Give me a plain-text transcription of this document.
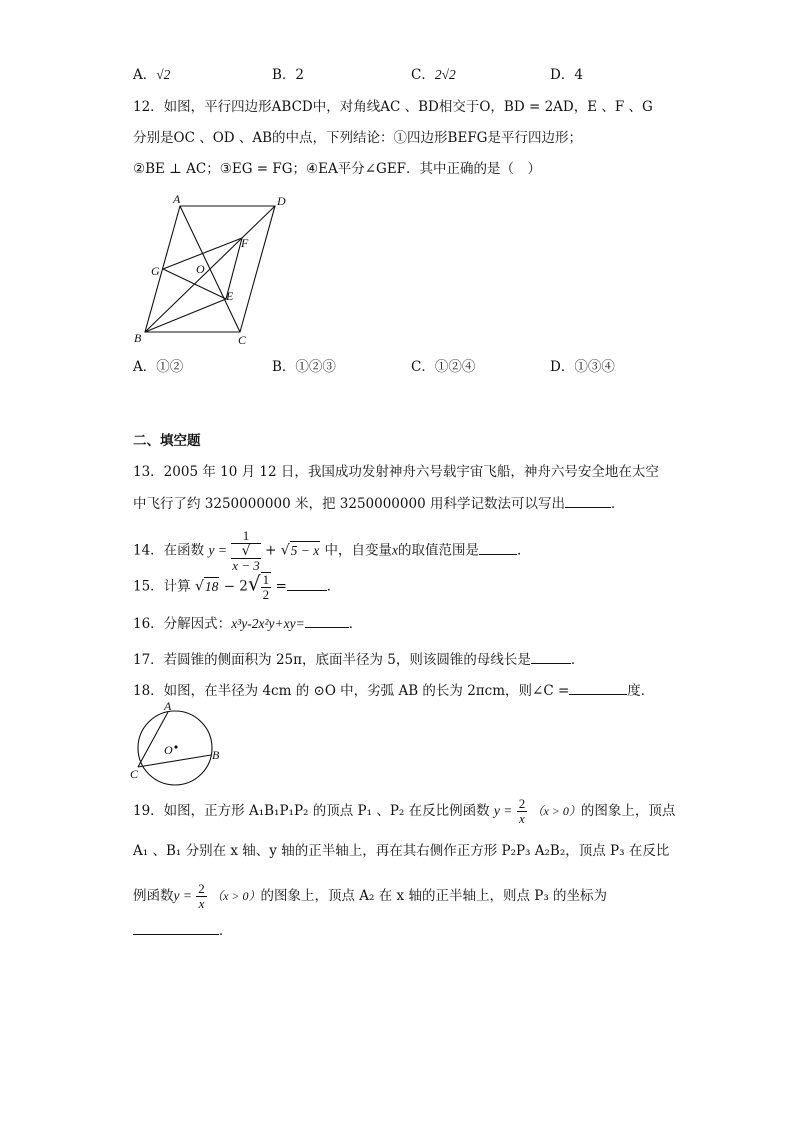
A．√2	B．2	C．2√2	D．4
12．如图，平行四边形ABCD中，对角线AC 、BD相交于O，BD = 2AD，E 、F 、G
分别是OC 、OD 、AB的中点，下列结论：①四边形BEFG是平行四边形；
②BE ⊥ AC；③EG = FG；④EA平分∠GEF．其中正确的是（　）
A	D
F
G	O
E
B	C
A．①②	B．①②③	C．①②④	D．①③④
二、填空题
13．2005 年 10 月 12 日，我国成功发射神舟六号载宇宙飞船，神舟六号安全地在太空
中飞行了约 3250000000 米，把 3250000000 用科学记数法可以写出	．
14．在函数 y = 1
√
x − 3 + √5 − x 中，自变量x的取值范围是	．
15．计算 $√18 - 2√ \frac{1}{2}$ =	．
16．分解因式：x³y-2x²y+xy=	．
17．若圆锥的侧面积为 25π，底面半径为 5，则该圆锥的母线长是	．
18．如图，在半径为 4cm 的 ⊙O 中，劣弧 AB 的长为 2πcm，则∠C =	度．
A
B
C
O
19．如图，正方形 A₁B₁P₁P₂ 的顶点 P₁ 、P₂ 在反比例函数 $y = \frac{2}{x} (x > 0)$的图象上，顶点
A₁ 、B₁ 分别在 x 轴、y 轴的正半轴上，再在其右侧作正方形 P₂P₃ A₂B₂，顶点 P₃ 在反比
例函数$y = \frac{2}{x} (x > 0)$的图象上，顶点 A₂ 在 x 轴的正半轴上，则点 P₃ 的坐标为
．
